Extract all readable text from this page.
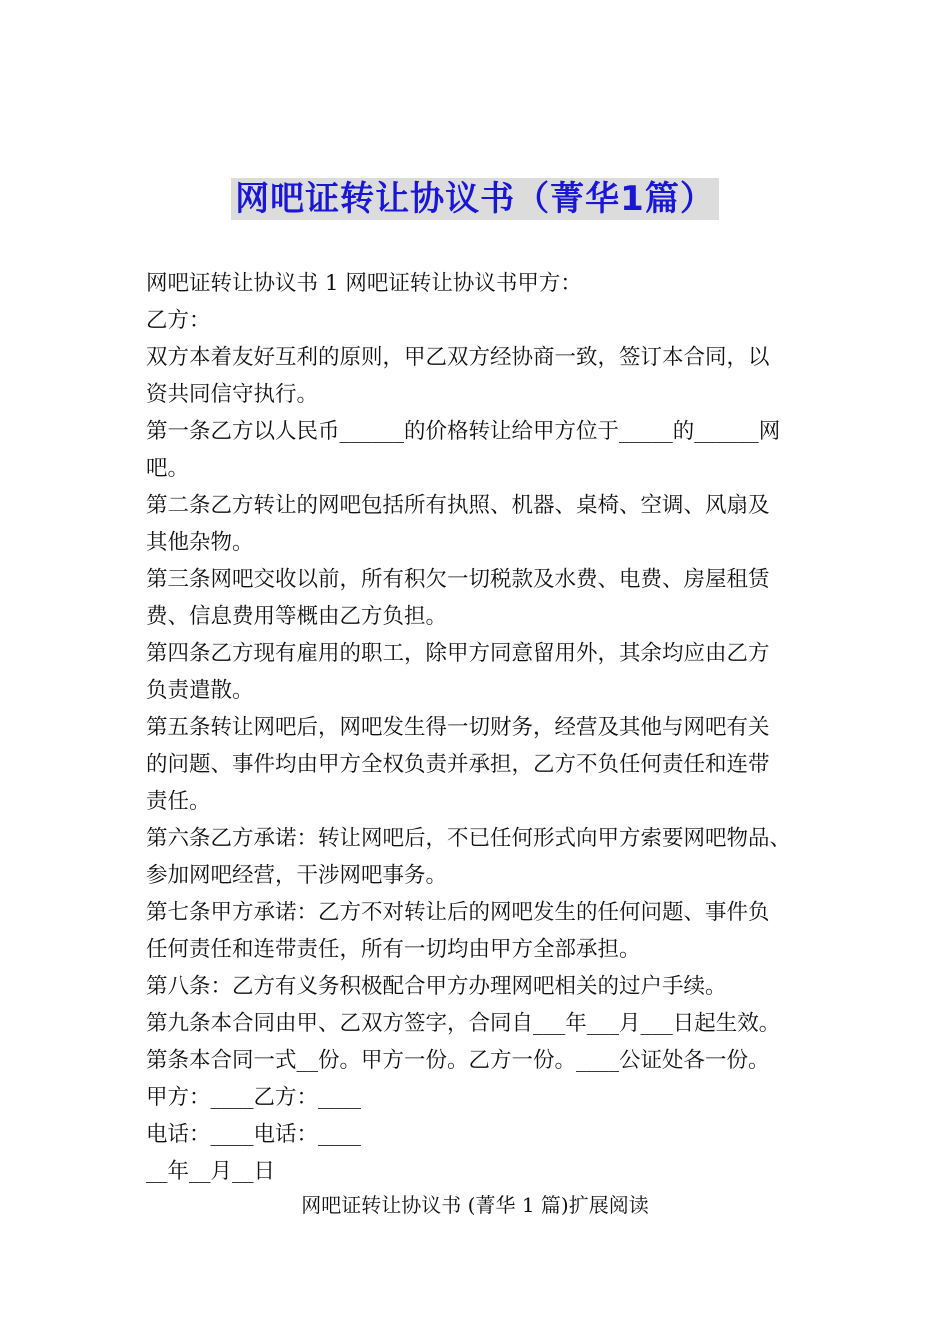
网吧证转让协议书（菁华1篇）
网吧证转让协议书 1 网吧证转让协议书甲方：
乙方：
双方本着友好互利的原则，甲乙双方经协商一致，签订本合同，以
资共同信守执行。
第一条乙方以人民币______的价格转让给甲方位于_____的______网
吧。
第二条乙方转让的网吧包括所有执照、机器、桌椅、空调、风扇及
其他杂物。
第三条网吧交收以前，所有积欠一切税款及水费、电费、房屋租赁
费、信息费用等概由乙方负担。
第四条乙方现有雇用的职工，除甲方同意留用外，其余均应由乙方
负责遣散。
第五条转让网吧后，网吧发生得一切财务，经营及其他与网吧有关
的问题、事件均由甲方全权负责并承担，乙方不负任何责任和连带
责任。
第六条乙方承诺：转让网吧后，不已任何形式向甲方索要网吧物品、
参加网吧经营，干涉网吧事务。
第七条甲方承诺：乙方不对转让后的网吧发生的任何问题、事件负
任何责任和连带责任，所有一切均由甲方全部承担。
第八条：乙方有义务积极配合甲方办理网吧相关的过户手续。
第九条本合同由甲、乙双方签字，合同自___年___月___日起生效。
第条本合同一式__份。甲方一份。乙方一份。____公证处各一份。
甲方：____乙方：____
电话：____电话：____
__年__月__日
网吧证转让协议书 (菁华 1 篇)扩展阅读
